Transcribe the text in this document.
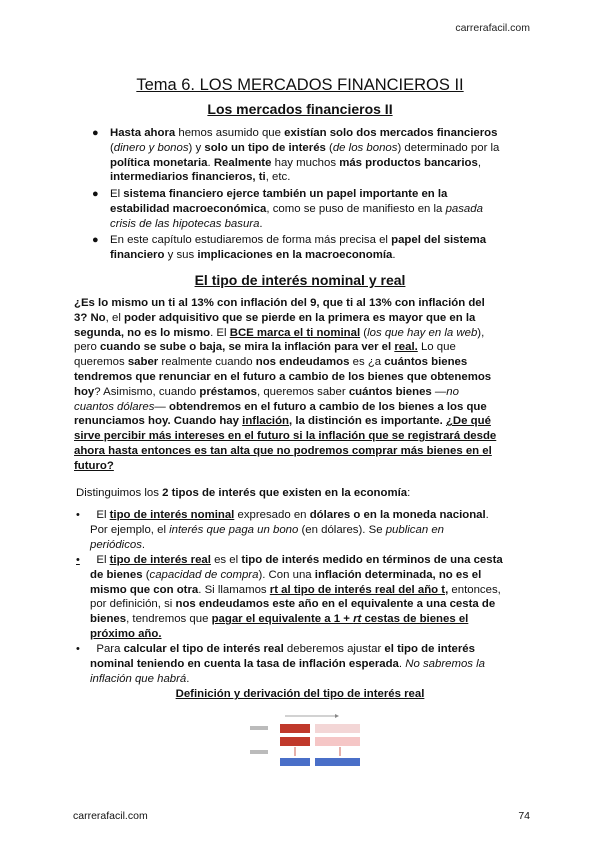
carrerafacil.com
Tema 6. LOS MERCADOS FINANCIEROS II
Los mercados financieros II
● Hasta ahora hemos asumido que existían solo dos mercados financieros
(dinero y bonos) y solo un tipo de interés (de los bonos) determinado por la
política monetaria. Realmente hay muchos más productos bancarios,
intermediarios financieros, ti, etc.
● El sistema financiero ejerce también un papel importante en la
estabilidad macroeconómica, como se puso de manifiesto en la pasada
crisis de las hipotecas basura.
● En este capítulo estudiaremos de forma más precisa el papel del sistema
financiero y sus implicaciones en la macroeconomía.
El tipo de interés nominal y real
¿Es lo mismo un ti al 13% con inflación del 9, que ti al 13% con inflación del
3? No, el poder adquisitivo que se pierde en la primera es mayor que en la
segunda, no es lo mismo. El BCE marca el ti nominal (los que hay en la web),
pero cuando se sube o baja, se mira la inflación para ver el real. Lo que
queremos saber realmente cuando nos endeudamos es ¿a cuántos bienes
tendremos que renunciar en el futuro a cambio de los bienes que obtenemos
hoy? Asimismo, cuando préstamos, queremos saber cuántos bienes —no
cuantos dólares— obtendremos en el futuro a cambio de los bienes a los que
renunciamos hoy. Cuando hay inflación, la distinción es importante. ¿De qué
sirve percibir más intereses en el futuro si la inflación que se registrará desde
ahora hasta entonces es tan alta que no podremos comprar más bienes en el
futuro?
Distinguimos los 2 tipos de interés que existen en la economía:
•	El tipo de interés nominal expresado en dólares o en la moneda nacional.
Por ejemplo, el interés que paga un bono (en dólares). Se publican en
periódicos.
•	El tipo de interés real es el tipo de interés medido en términos de una cesta
de bienes (capacidad de compra). Con una inflación determinada, no es el
mismo que con otra. Si llamamos rt al tipo de interés real del año t, entonces,
por definición, si nos endeudamos este año en el equivalente a una cesta de
bienes, tendremos que pagar el equivalente a 1 + rt cestas de bienes el
próximo año.
•	Para calcular el tipo de interés real deberemos ajustar el tipo de interés
nominal teniendo en cuenta la tasa de inflación esperada. No sabremos la
inflación que habrá.
Definición y derivación del tipo de interés real
carrerafacil.com	74
